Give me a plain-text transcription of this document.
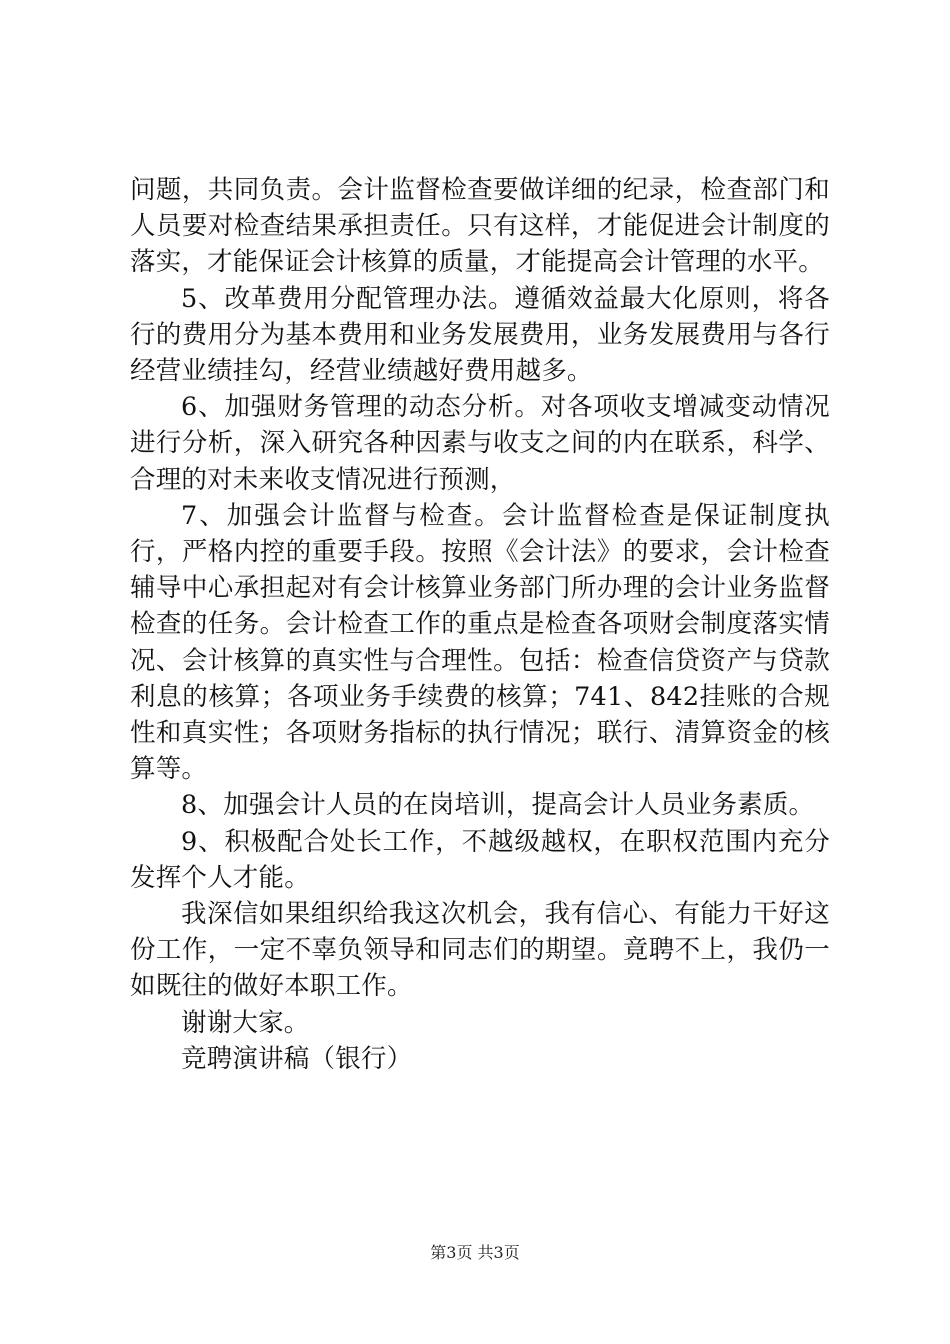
问题，共同负责。会计监督检查要做详细的纪录，检查部门和人员要对检查结果承担责任。只有这样，才能促进会计制度的落实，才能保证会计核算的质量，才能提高会计管理的水平。

5、改革费用分配管理办法。遵循效益最大化原则，将各行的费用分为基本费用和业务发展费用，业务发展费用与各行经营业绩挂勾，经营业绩越好费用越多。

6、加强财务管理的动态分析。对各项收支增减变动情况进行分析，深入研究各种因素与收支之间的内在联系，科学、合理的对未来收支情况进行预测，

7、加强会计监督与检查。会计监督检查是保证制度执行，严格内控的重要手段。按照《会计法》的要求，会计检查辅导中心承担起对有会计核算业务部门所办理的会计业务监督检查的任务。会计检查工作的重点是检查各项财会制度落实情况、会计核算的真实性与合理性。包括：检查信贷资产与贷款利息的核算；各项业务手续费的核算；741、842挂账的合规性和真实性；各项财务指标的执行情况；联行、清算资金的核算等。

8、加强会计人员的在岗培训，提高会计人员业务素质。

9、积极配合处长工作，不越级越权，在职权范围内充分发挥个人才能。

我深信如果组织给我这次机会，我有信心、有能力干好这份工作，一定不辜负领导和同志们的期望。竟聘不上，我仍一如既往的做好本职工作。

谢谢大家。

竞聘演讲稿（银行）

第3页 共3页
